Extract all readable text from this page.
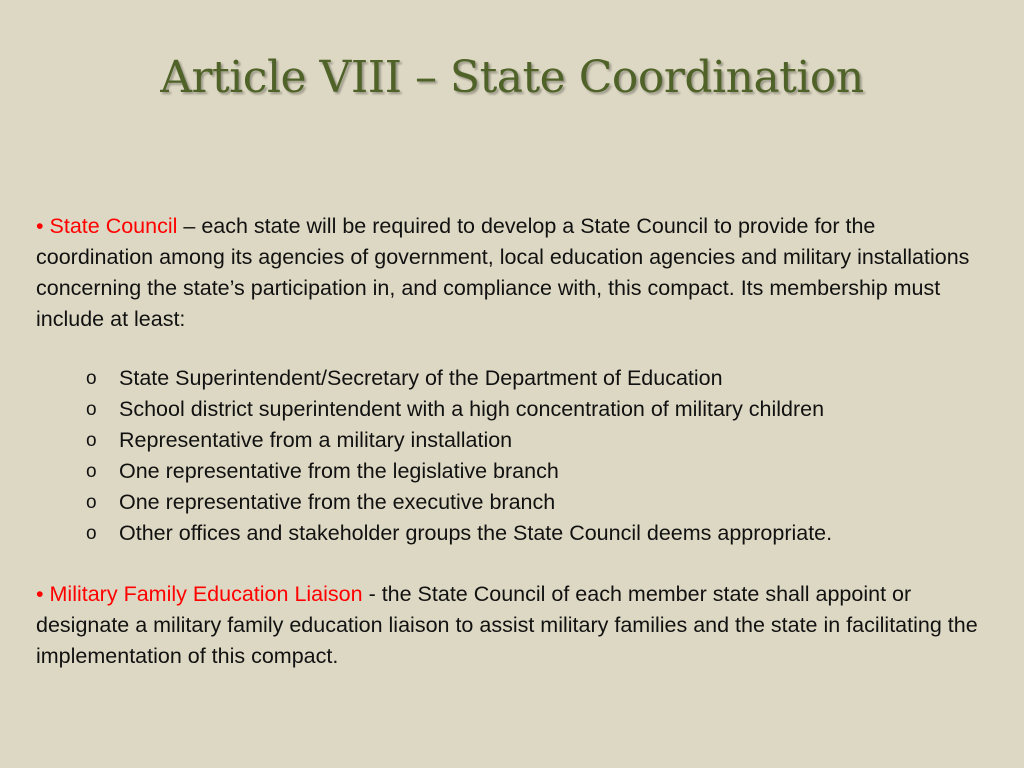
Article VIII – State Coordination

• State Council – each state will be required to develop a State Council to provide for the coordination among its agencies of government, local education agencies and military installations concerning the state’s participation in, and compliance with, this compact. Its membership must include at least:

o State Superintendent/Secretary of the Department of Education
o School district superintendent with a high concentration of military children
o Representative from a military installation
o One representative from the legislative branch
o One representative from the executive branch
o Other offices and stakeholder groups the State Council deems appropriate.

• Military Family Education Liaison - the State Council of each member state shall appoint or designate a military family education liaison to assist military families and the state in facilitating the implementation of this compact.
